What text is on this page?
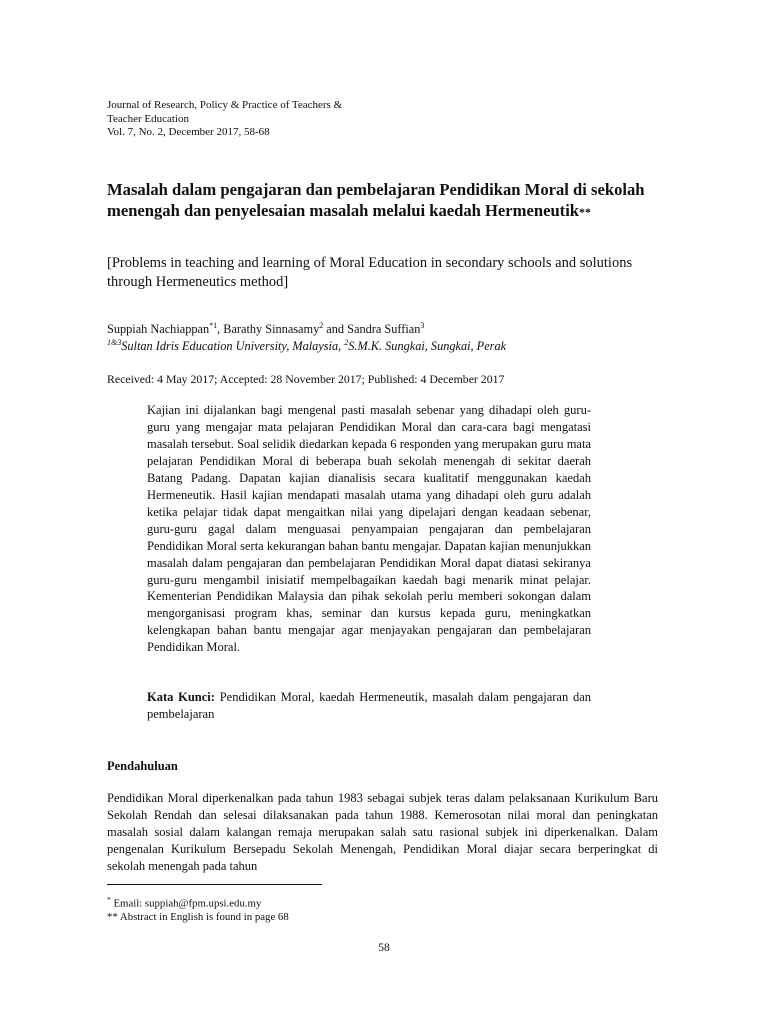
Journal of Research, Policy & Practice of Teachers &
Teacher Education
Vol. 7, No. 2, December 2017, 58-68
Masalah dalam pengajaran dan pembelajaran Pendidikan Moral di sekolah menengah dan penyelesaian masalah melalui kaedah Hermeneutik**
[Problems in teaching and learning of Moral Education in secondary schools and solutions through Hermeneutics method]
Suppiah Nachiappan$^{*1}$, Barathy Sinnasamy$^2$ and Sandra Suffian$^3$
$^{1\&3}$Sultan Idris Education University, Malaysia, $^2$S.M.K. Sungkai, Sungkai, Perak
Received: 4 May 2017; Accepted: 28 November 2017; Published: 4 December 2017
Kajian ini dijalankan bagi mengenal pasti masalah sebenar yang dihadapi oleh guru-guru yang mengajar mata pelajaran Pendidikan Moral dan cara-cara bagi mengatasi masalah tersebut. Soal selidik diedarkan kepada 6 responden yang merupakan guru mata pelajaran Pendidikan Moral di beberapa buah sekolah menengah di sekitar daerah Batang Padang. Dapatan kajian dianalisis secara kualitatif menggunakan kaedah Hermeneutik. Hasil kajian mendapati masalah utama yang dihadapi oleh guru adalah ketika pelajar tidak dapat mengaitkan nilai yang dipelajari dengan keadaan sebenar, guru-guru gagal dalam menguasai penyampaian pengajaran dan pembelajaran Pendidikan Moral serta kekurangan bahan bantu mengajar. Dapatan kajian menunjukkan masalah dalam pengajaran dan pembelajaran Pendidikan Moral dapat diatasi sekiranya guru-guru mengambil inisiatif mempelbagaikan kaedah bagi menarik minat pelajar. Kementerian Pendidikan Malaysia dan pihak sekolah perlu memberi sokongan dalam mengorganisasi program khas, seminar dan kursus kepada guru, meningkatkan kelengkapan bahan bantu mengajar agar menjayakan pengajaran dan pembelajaran Pendidikan Moral.
Kata Kunci: Pendidikan Moral, kaedah Hermeneutik, masalah dalam pengajaran dan pembelajaran
Pendahuluan
Pendidikan Moral diperkenalkan pada tahun 1983 sebagai subjek teras dalam pelaksanaan Kurikulum Baru Sekolah Rendah dan selesai dilaksanakan pada tahun 1988. Kemerosotan nilai moral dan peningkatan masalah sosial dalam kalangan remaja merupakan salah satu rasional subjek ini diperkenalkan. Dalam pengenalan Kurikulum Bersepadu Sekolah Menengah, Pendidikan Moral diajar secara berperingkat di sekolah menengah pada tahun
* Email: suppiah@fpm.upsi.edu.my
** Abstract in English is found in page 68
58
